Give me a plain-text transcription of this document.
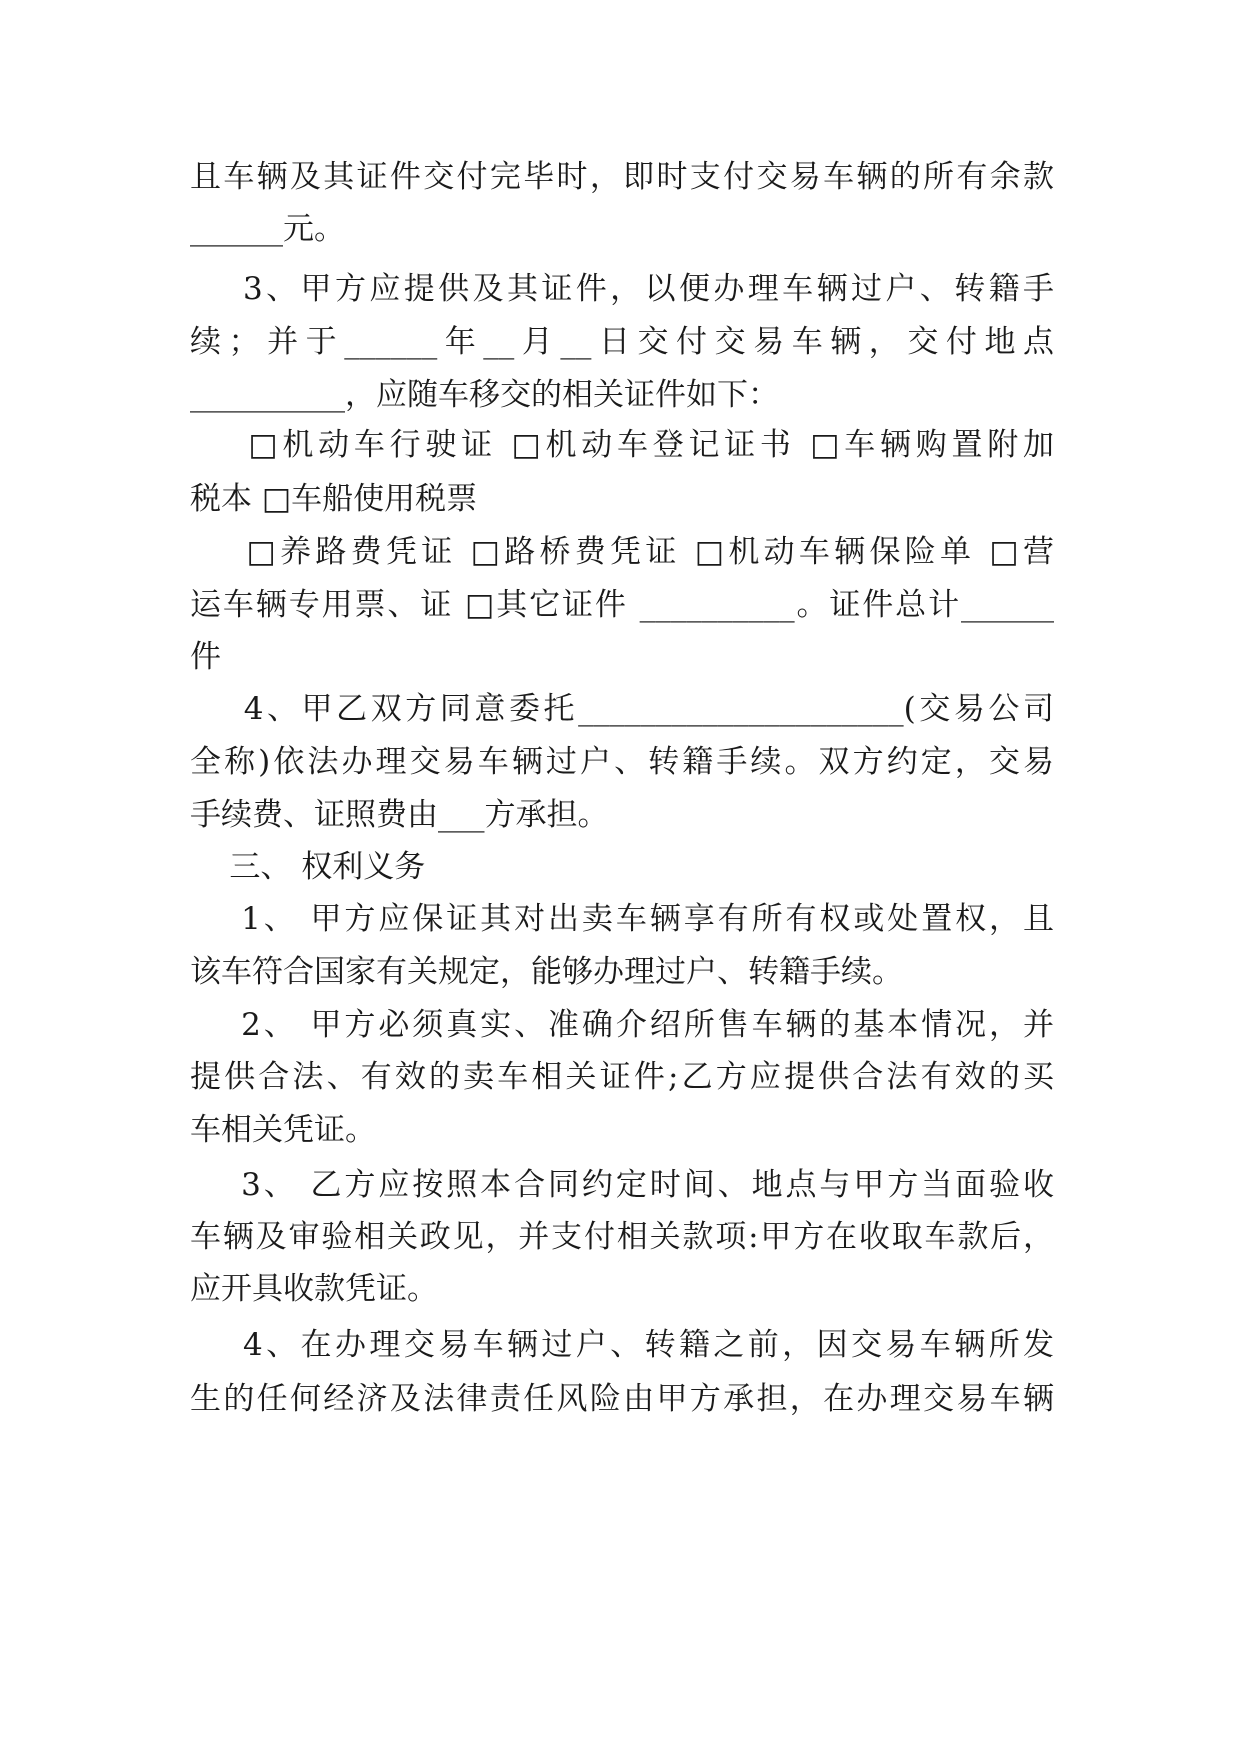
且车辆及其证件交付完毕时，即时支付交易车辆的所有余款
______元。
3、甲方应提供及其证件，以便办理车辆过户、转籍手
续；并于______年__月__日交付交易车辆，交付地点
__________，应随车移交的相关证件如下：
□机动车行驶证 □机动车登记证书 □车辆购置附加
税本 □车船使用税票
□养路费凭证 □路桥费凭证 □机动车辆保险单 □营
运车辆专用票、证 □其它证件 __________。证件总计______
件
4、甲乙双方同意委托_____________________(交易公司
全称)依法办理交易车辆过户、转籍手续。双方约定，交易
手续费、证照费由___方承担。
三、 权利义务
1、 甲方应保证其对出卖车辆享有所有权或处置权，且
该车符合国家有关规定，能够办理过户、转籍手续。
2、 甲方必须真实、准确介绍所售车辆的基本情况，并
提供合法、有效的卖车相关证件;乙方应提供合法有效的买
车相关凭证。
3、 乙方应按照本合同约定时间、地点与甲方当面验收
车辆及审验相关政见，并支付相关款项:甲方在收取车款后，
应开具收款凭证。
4、在办理交易车辆过户、转籍之前，因交易车辆所发
生的任何经济及法律责任风险由甲方承担，在办理交易车辆
